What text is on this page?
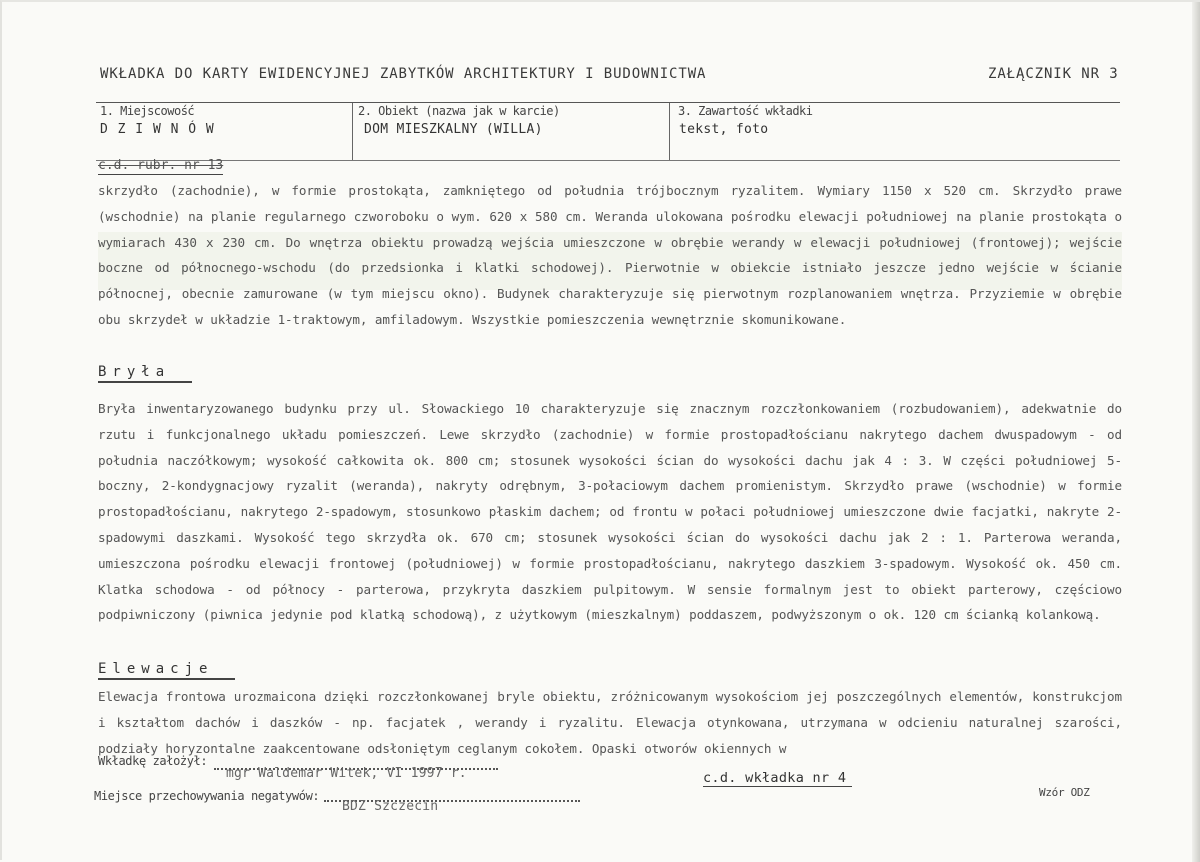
WKŁADKA DO KARTY EWIDENCYJNEJ ZABYTKÓW ARCHITEKTURY I BUDOWNICTWA	ZAŁĄCZNIK NR 3
1. Miejscowość
D Z I W N Ó W
2. Obiekt (nazwa jak w karcie)
DOM MIESZKALNY (WILLA)
3. Zawartość wkładki
tekst, foto
c.d. rubr. nr 13
skrzydło (zachodnie), w formie prostokąta, zamkniętego od południa trójbocznym ryzalitem. Wymiary 1150 x 520 cm. Skrzydło prawe (wschodnie) na planie regularnego czworoboku o wym. 620 x 580 cm. Weranda ulokowana pośrodku elewacji południowej na planie prostokąta o wymiarach 430 x 230 cm. Do wnętrza obiektu prowadzą wejścia umieszczone w obrębie werandy w elewacji południowej (frontowej); wejście boczne od północnego-wschodu (do przedsionka i klatki schodowej). Pierwotnie w obiekcie istniało jeszcze jedno wejście w ścianie północnej, obecnie zamurowane (w tym miejscu okno). Budynek charakteryzuje się pierwotnym rozplanowaniem wnętrza. Przyziemie w obrębie obu skrzydeł w układzie 1-traktowym, amfiladowym. Wszystkie pomieszczenia wewnętrznie skomunikowane.
Bryła
Bryła inwentaryzowanego budynku przy ul. Słowackiego 10 charakteryzuje się znacznym rozczłonkowaniem (rozbudowaniem), adekwatnie do rzutu i funkcjonalnego układu pomieszczeń. Lewe skrzydło (zachodnie) w formie prostopadłościanu nakrytego dachem dwuspadowym - od południa naczółkowym; wysokość całkowita ok. 800 cm; stosunek wysokości ścian do wysokości dachu jak 4 : 3. W części południowej 5-boczny, 2-kondygnacjowy ryzalit (weranda), nakryty odrębnym, 3-połaciowym dachem promienistym. Skrzydło prawe (wschodnie) w formie prostopadłościanu, nakrytego 2-spadowym, stosunkowo płaskim dachem; od frontu w połaci południowej umieszczone dwie facjatki, nakryte 2-spadowymi daszkami. Wysokość tego skrzydła ok. 670 cm; stosunek wysokości ścian do wysokości dachu jak 2 : 1. Parterowa weranda, umieszczona pośrodku elewacji frontowej (południowej) w formie prostopadłościanu, nakrytego daszkiem 3-spadowym. Wysokość ok. 450 cm. Klatka schodowa - od północy - parterowa, przykryta daszkiem pulpitowym. W sensie formalnym jest to obiekt parterowy, częściowo podpiwniczony (piwnica jedynie pod klatką schodową), z użytkowym (mieszkalnym) poddaszem, podwyższonym o ok. 120 cm ścianką kolankową.
Elewacje
Elewacja frontowa urozmaicona dzięki rozczłonkowanej bryle obiektu, zróżnicowanym wysokościom jej poszczególnych elementów, konstrukcjom i kształtom dachów i daszków - np. facjatek , werandy i ryzalitu. Elewacja otynkowana, utrzymana w odcieniu naturalnej szarości, podziały horyzontalne zaakcentowane odsłoniętym ceglanym cokołem. Opaski otworów okiennych w
Wkładkę założył:
mgr Waldemar Witek, VI 1997 r.	c.d. wkładka nr 4
Miejsce przechowywania negatywów:
BDZ Szczecin
Wzór ODZ
